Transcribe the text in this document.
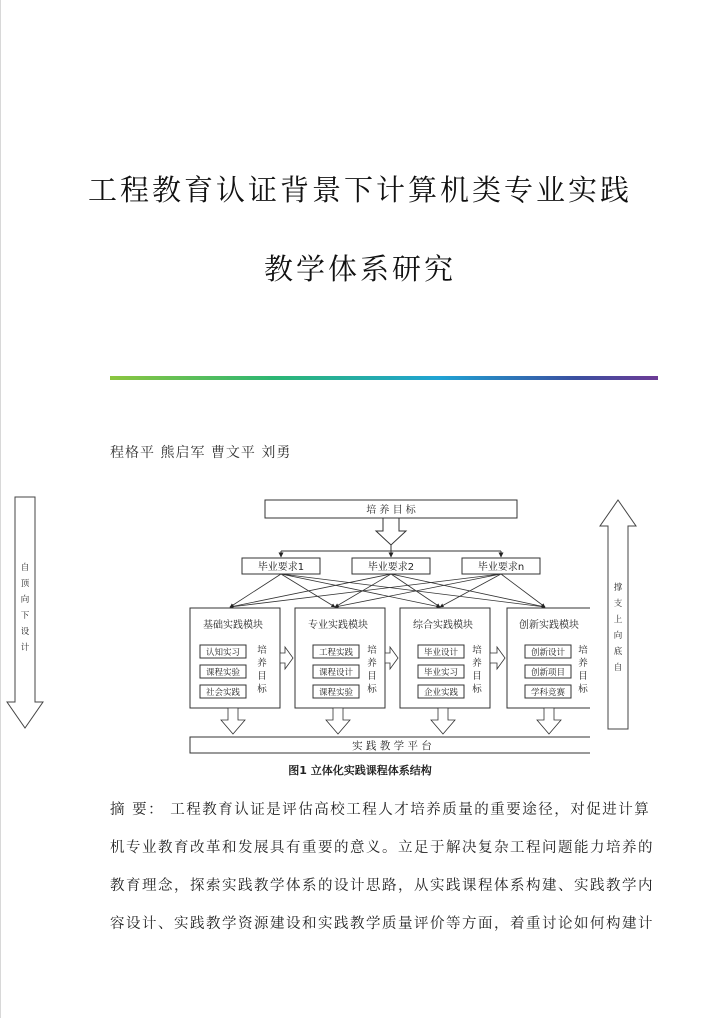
工程教育认证背景下计算机类专业实践
教学体系研究
程格平 熊启军 曹文平 刘勇
培 养 目 标
毕业要求1	毕业要求2	毕业要求n
基础实践模块
认知实习
课程实验
社会实践
培
养
目
标
专业实践模块
工程实践
课程设计
课程实验
培
养
目
标
综合实践模块
毕业设计
毕业实习
企业实践
培
养
目
标
创新实践模块
创新设计
创新项目
学科竞赛
培
养
目
标
实 践 教 学 平 台
自
顶
向
下
设
计
撑
支
上
向
底
自
图1 立体化实践课程体系结构
摘 要： 工程教育认证是评估高校工程人才培养质量的重要途径，对促进计算
机专业教育改革和发展具有重要的意义。立足于解决复杂工程问题能力培养的
教育理念，探索实践教学体系的设计思路，从实践课程体系构建、实践教学内
容设计、实践教学资源建设和实践教学质量评价等方面，着重讨论如何构建计
